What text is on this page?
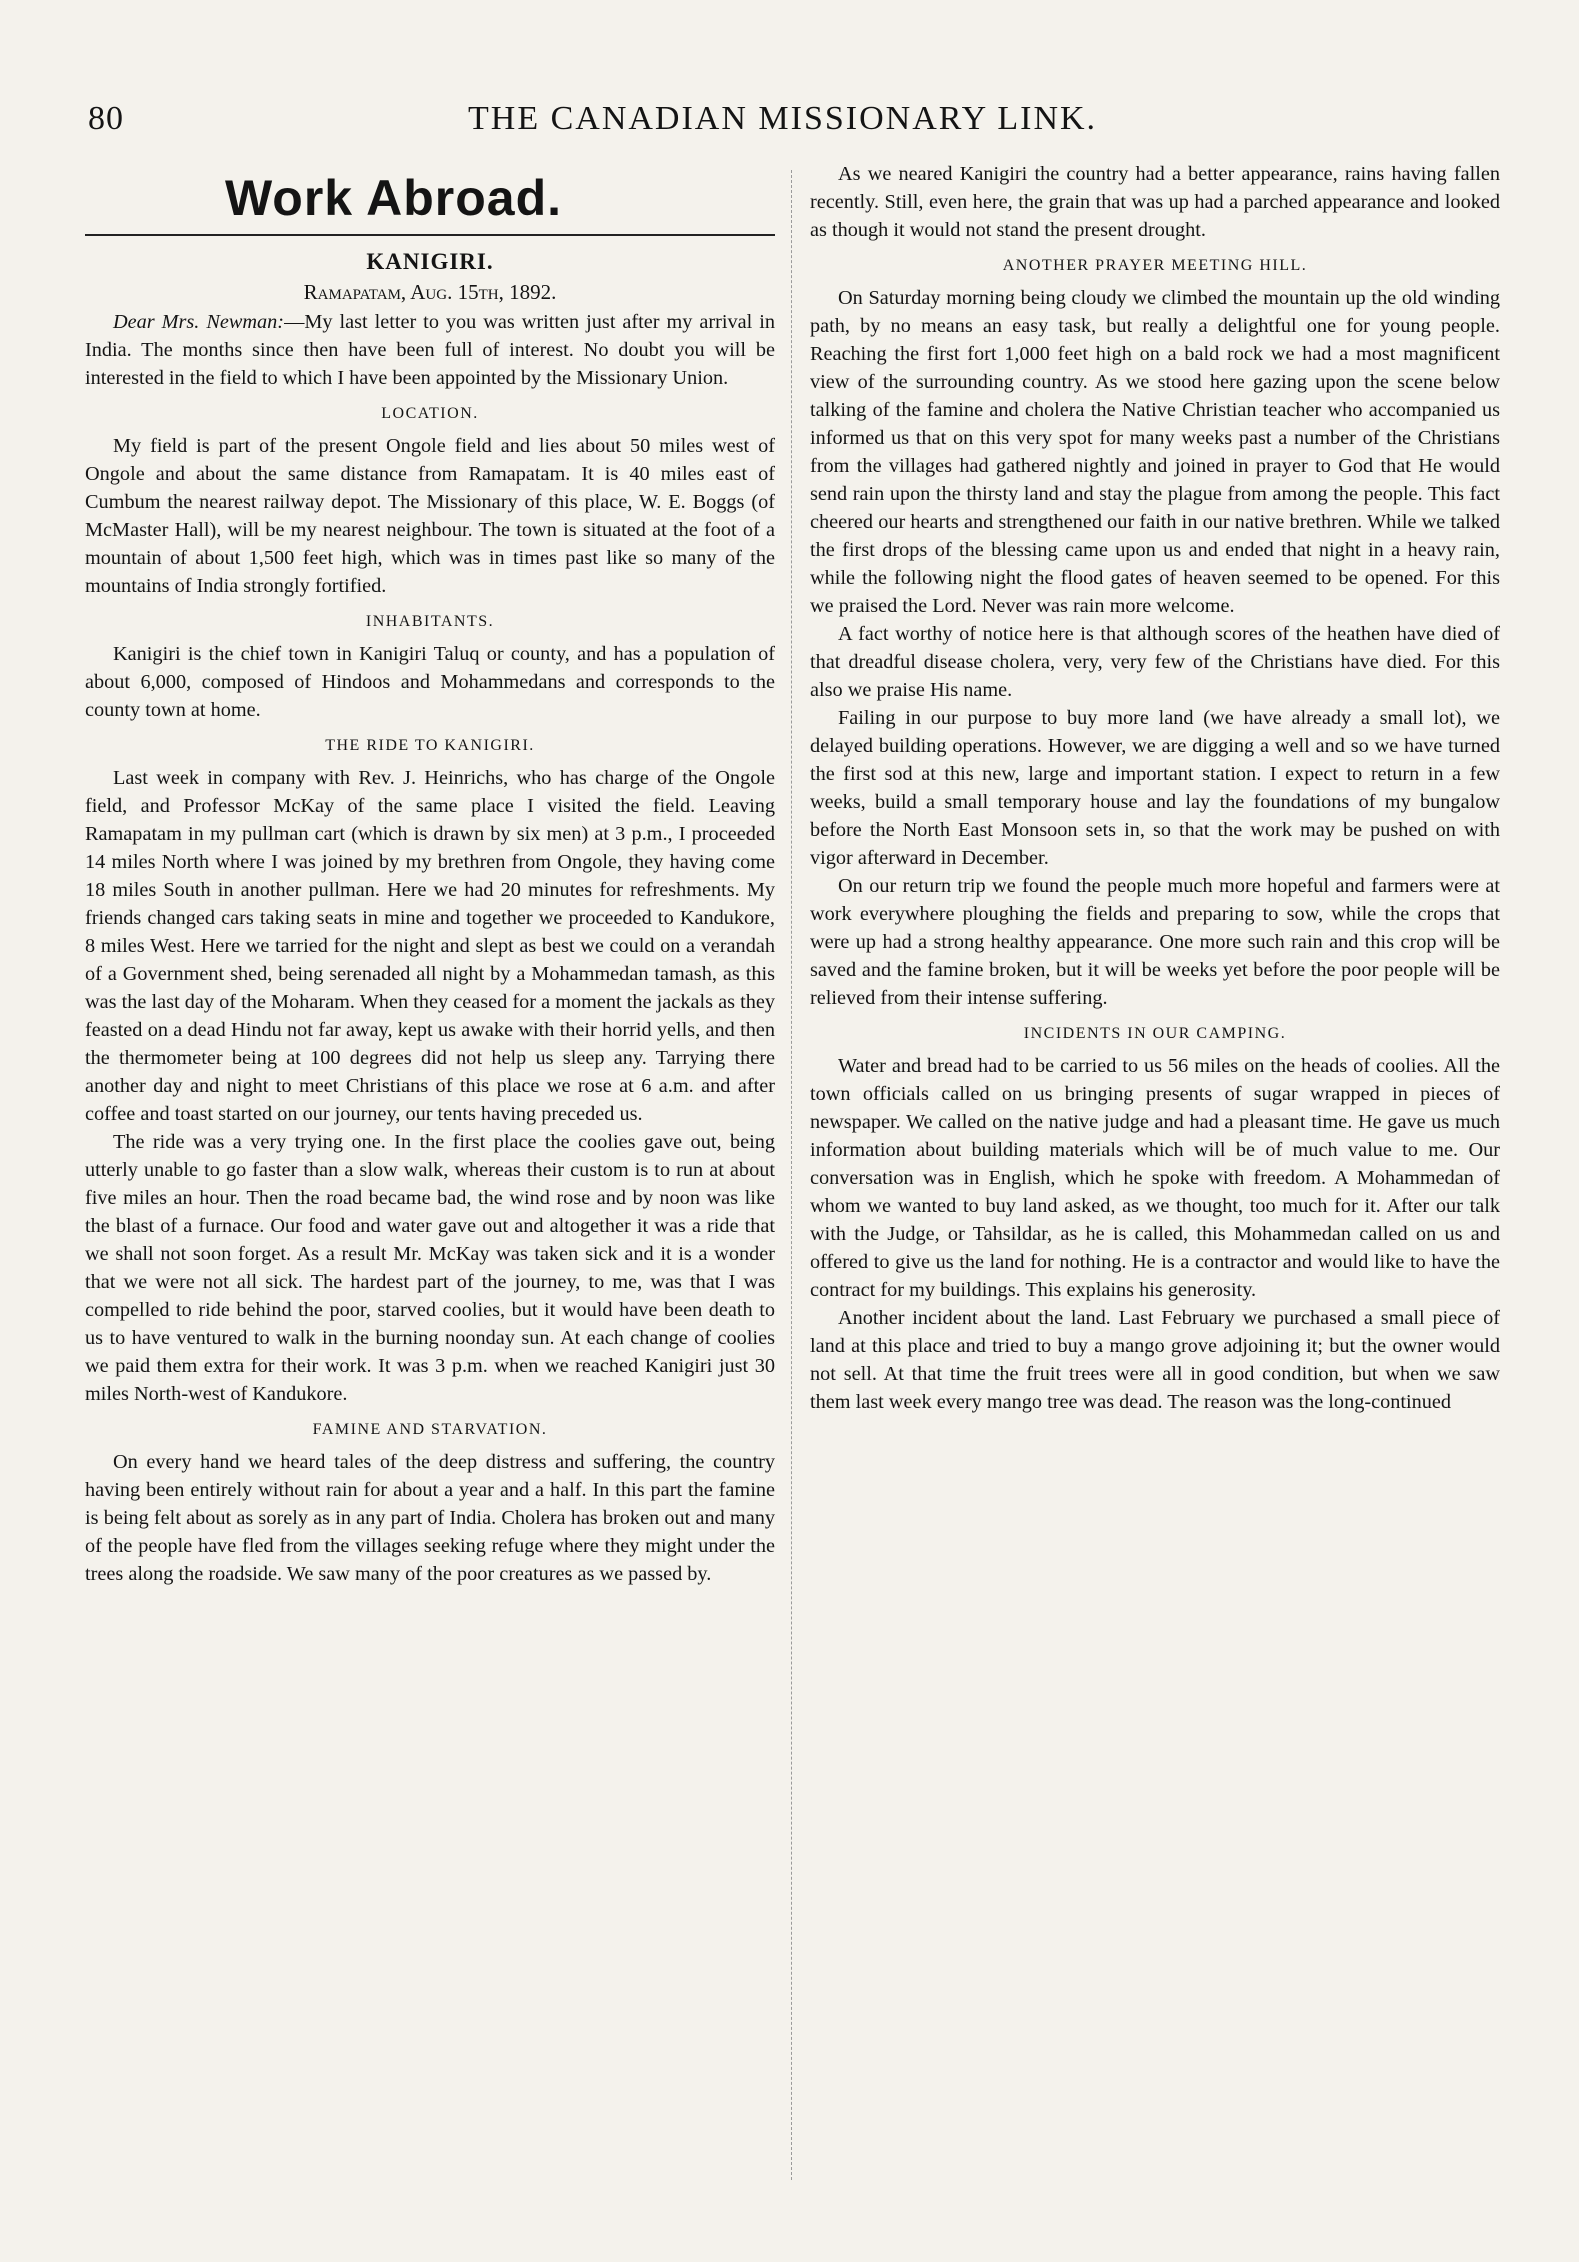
80	THE CANADIAN MISSIONARY LINK.
Work Abroad.
KANIGIRI.
Ramapatam, Aug. 15th, 1892.

Dear Mrs. Newman:—My last letter to you was written just after my arrival in India. The months since then have been full of interest. No doubt you will be interested in the field to which I have been appointed by the Missionary Union.

LOCATION.

My field is part of the present Ongole field and lies about 50 miles west of Ongole and about the same distance from Ramapatam. It is 40 miles east of Cumbum the nearest railway depot. The Missionary of this place, W. E. Boggs (of McMaster Hall), will be my nearest neighbour. The town is situated at the foot of a mountain of about 1,500 feet high, which was in times past like so many of the mountains of India strongly fortified.

INHABITANTS.

Kanigiri is the chief town in Kanigiri Taluq or county, and has a population of about 6,000, composed of Hindoos and Mohammedans and corresponds to the county town at home.

THE RIDE TO KANIGIRI.

Last week in company with Rev. J. Heinrichs, who has charge of the Ongole field, and Professor McKay of the same place I visited the field. Leaving Ramapatam in my pullman cart (which is drawn by six men) at 3 p.m., I proceeded 14 miles North where I was joined by my brethren from Ongole, they having come 18 miles South in another pullman. Here we had 20 minutes for refreshments. My friends changed cars taking seats in mine and together we proceeded to Kandukore, 8 miles West. Here we tarried for the night and slept as best we could on a verandah of a Government shed, being serenaded all night by a Mohammedan tamash, as this was the last day of the Moharam. When they ceased for a moment the jackals as they feasted on a dead Hindu not far away, kept us awake with their horrid yells, and then the thermometer being at 100 degrees did not help us sleep any. Tarrying there another day and night to meet Christians of this place we rose at 6 a.m. and after coffee and toast started on our journey, our tents having preceded us.

The ride was a very trying one. In the first place the coolies gave out, being utterly unable to go faster than a slow walk, whereas their custom is to run at about five miles an hour. Then the road became bad, the wind rose and by noon was like the blast of a furnace. Our food and water gave out and altogether it was a ride that we shall not soon forget. As a result Mr. McKay was taken sick and it is a wonder that we were not all sick. The hardest part of the journey, to me, was that I was compelled to ride behind the poor, starved coolies, but it would have been death to us to have ventured to walk in the burning noonday sun. At each change of coolies we paid them extra for their work. It was 3 p.m. when we reached Kanigiri just 30 miles North-west of Kandukore.

FAMINE AND STARVATION.

On every hand we heard tales of the deep distress and suffering, the country having been entirely without rain for about a year and a half. In this part the famine is being felt about as sorely as in any part of India. Cholera has broken out and many of the people have fled from the villages seeking refuge where they might under the trees along the roadside. We saw many of the poor creatures as we passed by.

As we neared Kanigiri the country had a better appearance, rains having fallen recently. Still, even here, the grain that was up had a parched appearance and looked as though it would not stand the present drought.

ANOTHER PRAYER MEETING HILL.

On Saturday morning being cloudy we climbed the mountain up the old winding path, by no means an easy task, but really a delightful one for young people. Reaching the first fort 1,000 feet high on a bald rock we had a most magnificent view of the surrounding country. As we stood here gazing upon the scene below talking of the famine and cholera the Native Christian teacher who accompanied us informed us that on this very spot for many weeks past a number of the Christians from the villages had gathered nightly and joined in prayer to God that He would send rain upon the thirsty land and stay the plague from among the people. This fact cheered our hearts and strengthened our faith in our native brethren. While we talked the first drops of the blessing came upon us and ended that night in a heavy rain, while the following night the flood gates of heaven seemed to be opened. For this we praised the Lord. Never was rain more welcome.

A fact worthy of notice here is that although scores of the heathen have died of that dreadful disease cholera, very, very few of the Christians have died. For this also we praise His name.

Failing in our purpose to buy more land (we have already a small lot), we delayed building operations. However, we are digging a well and so we have turned the first sod at this new, large and important station. I expect to return in a few weeks, build a small temporary house and lay the foundations of my bungalow before the North East Monsoon sets in, so that the work may be pushed on with vigor afterward in December.

On our return trip we found the people much more hopeful and farmers were at work everywhere ploughing the fields and preparing to sow, while the crops that were up had a strong healthy appearance. One more such rain and this crop will be saved and the famine broken, but it will be weeks yet before the poor people will be relieved from their intense suffering.

INCIDENTS IN OUR CAMPING.

Water and bread had to be carried to us 56 miles on the heads of coolies. All the town officials called on us bringing presents of sugar wrapped in pieces of newspaper. We called on the native judge and had a pleasant time. He gave us much information about building materials which will be of much value to me. Our conversation was in English, which he spoke with freedom. A Mohammedan of whom we wanted to buy land asked, as we thought, too much for it. After our talk with the Judge, or Tahsildar, as he is called, this Mohammedan called on us and offered to give us the land for nothing. He is a contractor and would like to have the contract for my buildings. This explains his generosity.

Another incident about the land. Last February we purchased a small piece of land at this place and tried to buy a mango grove adjoining it; but the owner would not sell. At that time the fruit trees were all in good condition, but when we saw them last week every mango tree was dead. The reason was the long-continued
